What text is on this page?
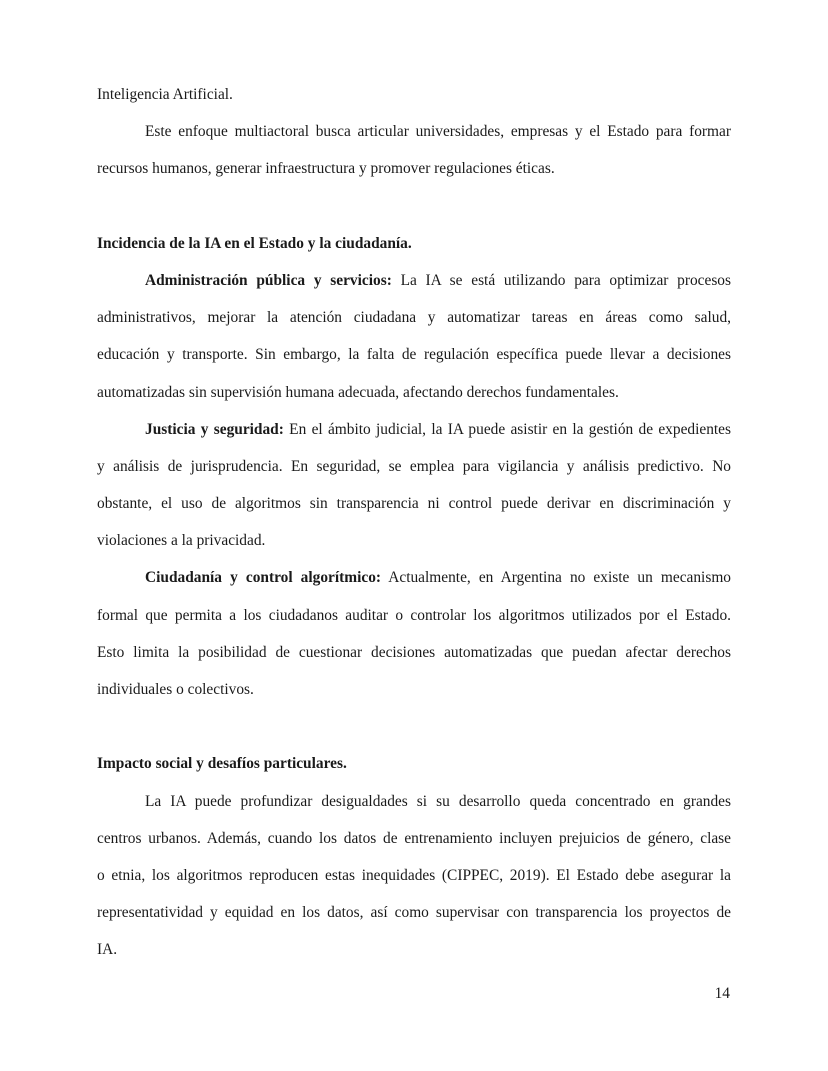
Inteligencia Artificial.
Este enfoque multiactoral busca articular universidades, empresas y el Estado para formar
recursos humanos, generar infraestructura y promover regulaciones éticas.
Incidencia de la IA en el Estado y la ciudadanía.
Administración pública y servicios: La IA se está utilizando para optimizar procesos
administrativos, mejorar la atención ciudadana y automatizar tareas en áreas como salud,
educación y transporte. Sin embargo, la falta de regulación específica puede llevar a decisiones
automatizadas sin supervisión humana adecuada, afectando derechos fundamentales.
Justicia y seguridad: En el ámbito judicial, la IA puede asistir en la gestión de expedientes
y análisis de jurisprudencia. En seguridad, se emplea para vigilancia y análisis predictivo. No
obstante, el uso de algoritmos sin transparencia ni control puede derivar en discriminación y
violaciones a la privacidad.
Ciudadanía y control algorítmico: Actualmente, en Argentina no existe un mecanismo
formal que permita a los ciudadanos auditar o controlar los algoritmos utilizados por el Estado.
Esto limita la posibilidad de cuestionar decisiones automatizadas que puedan afectar derechos
individuales o colectivos.
Impacto social y desafíos particulares.
La IA puede profundizar desigualdades si su desarrollo queda concentrado en grandes
centros urbanos. Además, cuando los datos de entrenamiento incluyen prejuicios de género, clase
o etnia, los algoritmos reproducen estas inequidades (CIPPEC, 2019). El Estado debe asegurar la
representatividad y equidad en los datos, así como supervisar con transparencia los proyectos de
IA.
14
